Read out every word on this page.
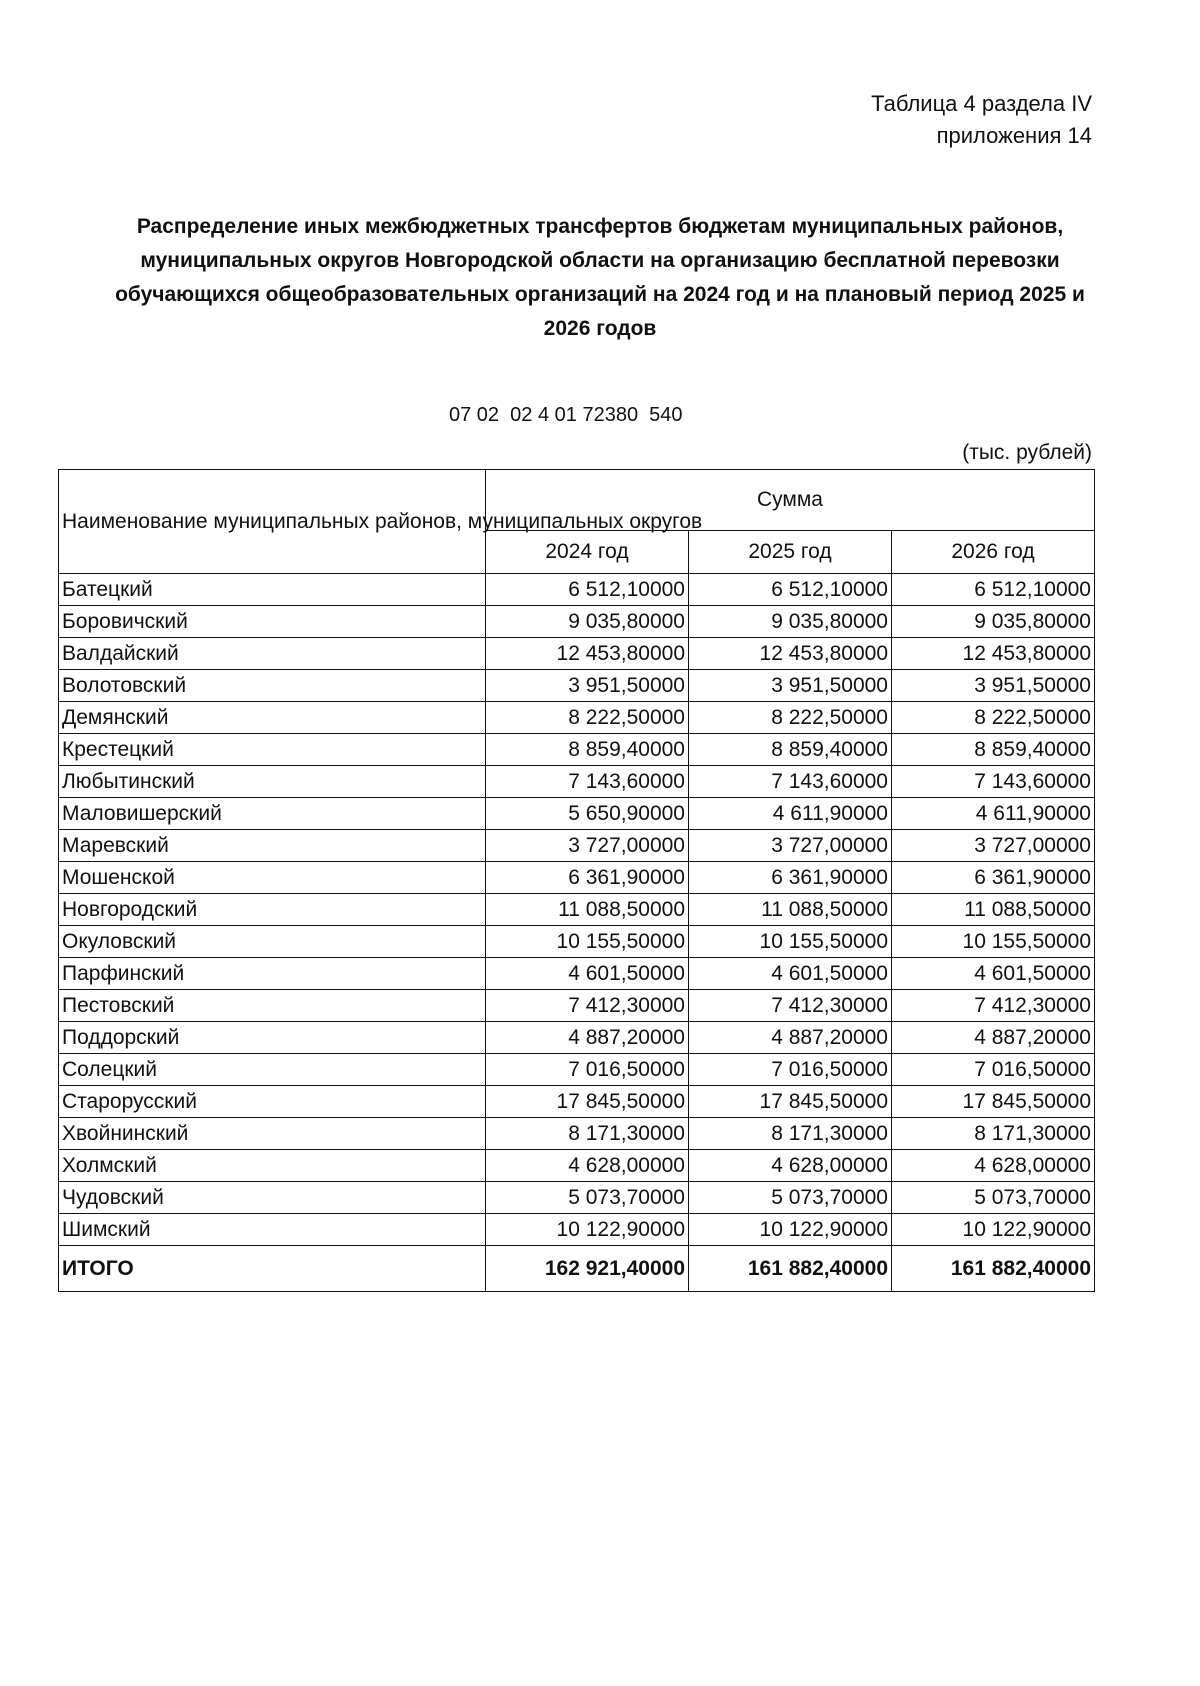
Таблица 4 раздела IV
приложения 14
Распределение иных межбюджетных трансфертов бюджетам муниципальных районов,
муниципальных округов Новгородской области на организацию бесплатной перевозки
обучающихся общеобразовательных организаций на 2024 год и на плановый период 2025 и
2026 годов
07 02  02 4 01 72380  540
(тыс. рублей)
Наименование муниципальных районов, муниципальных округов	Сумма		
	2024 год	2025 год	2026 год
Батецкий	6 512,10000	6 512,10000	6 512,10000
Боровичский	9 035,80000	9 035,80000	9 035,80000
Валдайский	12 453,80000	12 453,80000	12 453,80000
Волотовский	3 951,50000	3 951,50000	3 951,50000
Демянский	8 222,50000	8 222,50000	8 222,50000
Крестецкий	8 859,40000	8 859,40000	8 859,40000
Любытинский	7 143,60000	7 143,60000	7 143,60000
Маловишерский	5 650,90000	4 611,90000	4 611,90000
Маревский	3 727,00000	3 727,00000	3 727,00000
Мошенской	6 361,90000	6 361,90000	6 361,90000
Новгородский	11 088,50000	11 088,50000	11 088,50000
Окуловский	10 155,50000	10 155,50000	10 155,50000
Парфинский	4 601,50000	4 601,50000	4 601,50000
Пестовский	7 412,30000	7 412,30000	7 412,30000
Поддорский	4 887,20000	4 887,20000	4 887,20000
Солецкий	7 016,50000	7 016,50000	7 016,50000
Старорусский	17 845,50000	17 845,50000	17 845,50000
Хвойнинский	8 171,30000	8 171,30000	8 171,30000
Холмский	4 628,00000	4 628,00000	4 628,00000
Чудовский	5 073,70000	5 073,70000	5 073,70000
Шимский	10 122,90000	10 122,90000	10 122,90000
ИТОГО	162 921,40000	161 882,40000	161 882,40000
